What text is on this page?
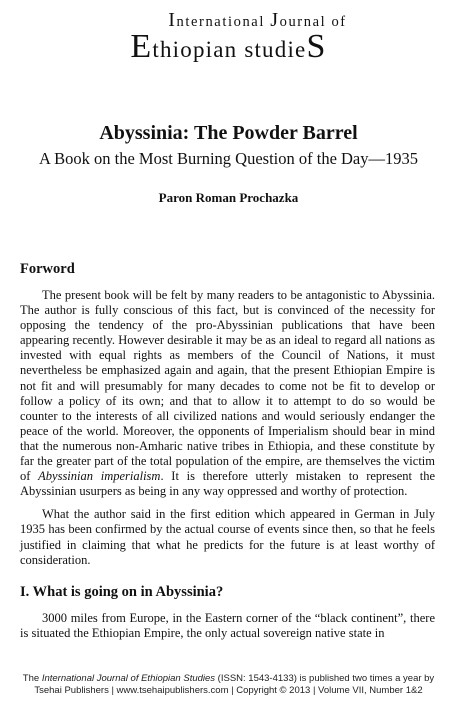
International Journal of
Ethiopian studieS
Abyssinia: The Powder Barrel
A Book on the Most Burning Question of the Day—1935
Paron Roman Prochazka
Forword

The present book will be felt by many readers to be antagonistic to Abyssinia. The author is fully conscious of this fact, but is convinced of the necessity for opposing the tendency of the pro-Abyssinian publications that have been appearing recently. However desirable it may be as an ideal to regard all nations as invested with equal rights as members of the Council of Nations, it must nevertheless be emphasized again and again, that the present Ethiopian Empire is not fit and will presumably for many decades to come not be fit to develop or follow a policy of its own; and that to allow it to attempt to do so would be counter to the interests of all civilized nations and would seriously endanger the peace of the world. Moreover, the opponents of Imperialism should bear in mind that the numerous non-Amharic native tribes in Ethiopia, and these constitute by far the greater part of the total population of the empire, are themselves the victim of Abyssinian imperialism. It is therefore utterly mistaken to represent the Abyssinian usurpers as being in any way oppressed and worthy of protection.

What the author said in the first edition which appeared in German in July 1935 has been confirmed by the actual course of events since then, so that he feels justified in claiming that what he predicts for the future is at least worthy of consideration.

I. What is going on in Abyssinia?

3000 miles from Europe, in the Eastern corner of the “black continent”, there is situated the Ethiopian Empire, the only actual sovereign native state in

The International Journal of Ethiopian Studies (ISSN: 1543-4133) is published two times a year by
Tsehai Publishers | www.tsehaipublishers.com | Copyright © 2013 | Volume VII, Number 1&2
